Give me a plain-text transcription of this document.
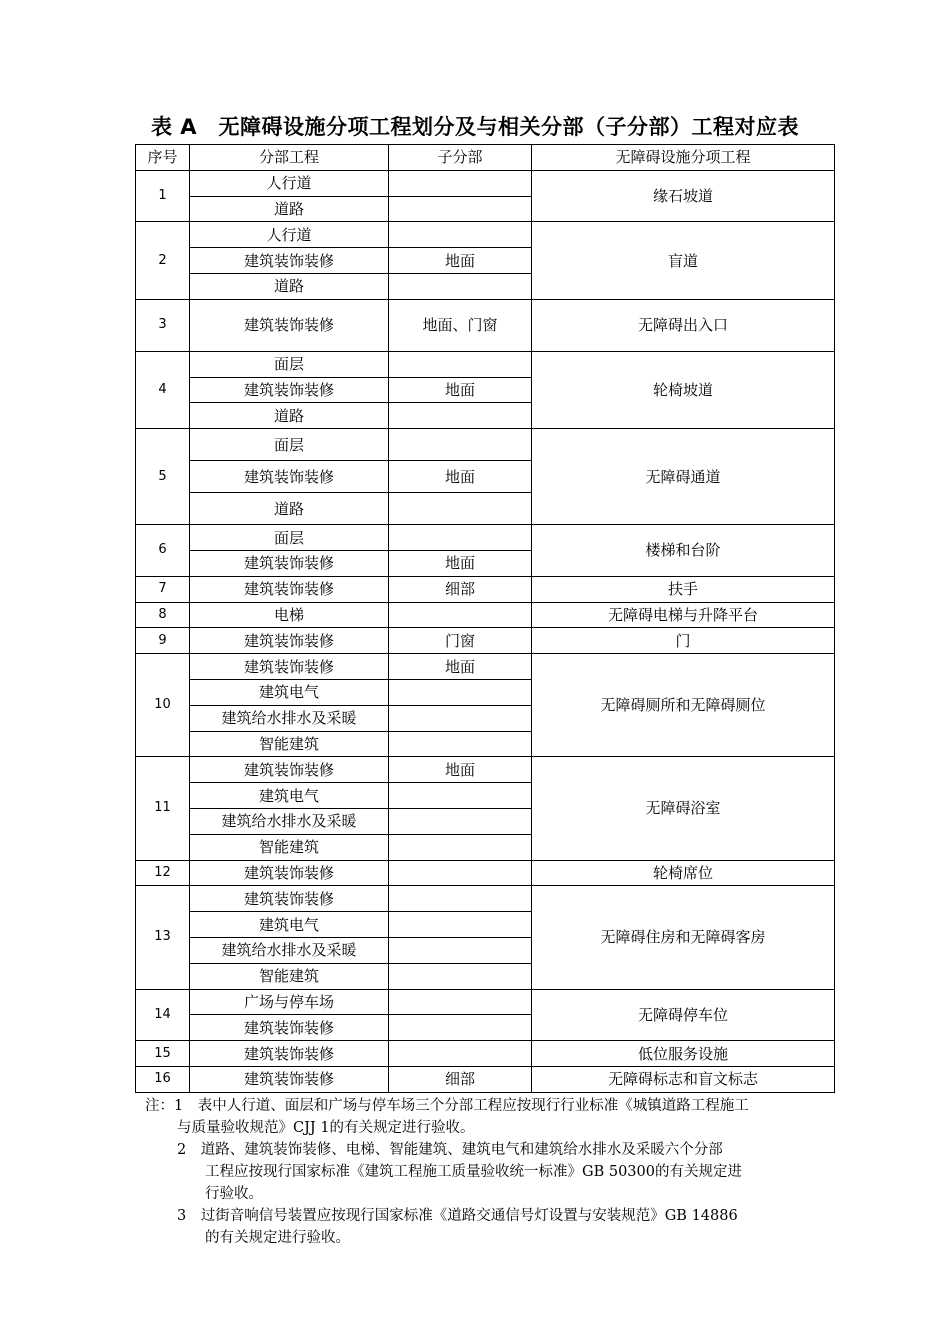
表 A　无障碍设施分项工程划分及与相关分部（子分部）工程对应表
序号	分部工程	子分部	无障碍设施分项工程
1	人行道		缘石坡道
	道路		
2	人行道		盲道
	建筑装饰装修	地面	
	道路		
3	建筑装饰装修	地面、门窗	无障碍出入口
4	面层		轮椅坡道
	建筑装饰装修	地面	
	道路		
5	面层		无障碍通道
	建筑装饰装修	地面	
	道路		
6	面层		楼梯和台阶
	建筑装饰装修	地面	
7	建筑装饰装修	细部	扶手
8	电梯		无障碍电梯与升降平台
9	建筑装饰装修	门窗	门
10	建筑装饰装修	地面	无障碍厕所和无障碍厕位
	建筑电气		
	建筑给水排水及采暖		
	智能建筑		
11	建筑装饰装修	地面	无障碍浴室
	建筑电气		
	建筑给水排水及采暖		
	智能建筑		
12	建筑装饰装修		轮椅席位
13	建筑装饰装修		无障碍住房和无障碍客房
	建筑电气		
	建筑给水排水及采暖		
	智能建筑		
14	广场与停车场		无障碍停车位
	建筑装饰装修		
15	建筑装饰装修		低位服务设施
16	建筑装饰装修	细部	无障碍标志和盲文标志
注：1　表中人行道、面层和广场与停车场三个分部工程应按现行行业标准《城镇道路工程施工
与质量验收规范》CJJ 1的有关规定进行验收。
2　道路、建筑装饰装修、电梯、智能建筑、建筑电气和建筑给水排水及采暖六个分部
工程应按现行国家标准《建筑工程施工质量验收统一标准》GB 50300的有关规定进
行验收。
3　过街音响信号装置应按现行国家标准《道路交通信号灯设置与安装规范》GB 14886
的有关规定进行验收。
